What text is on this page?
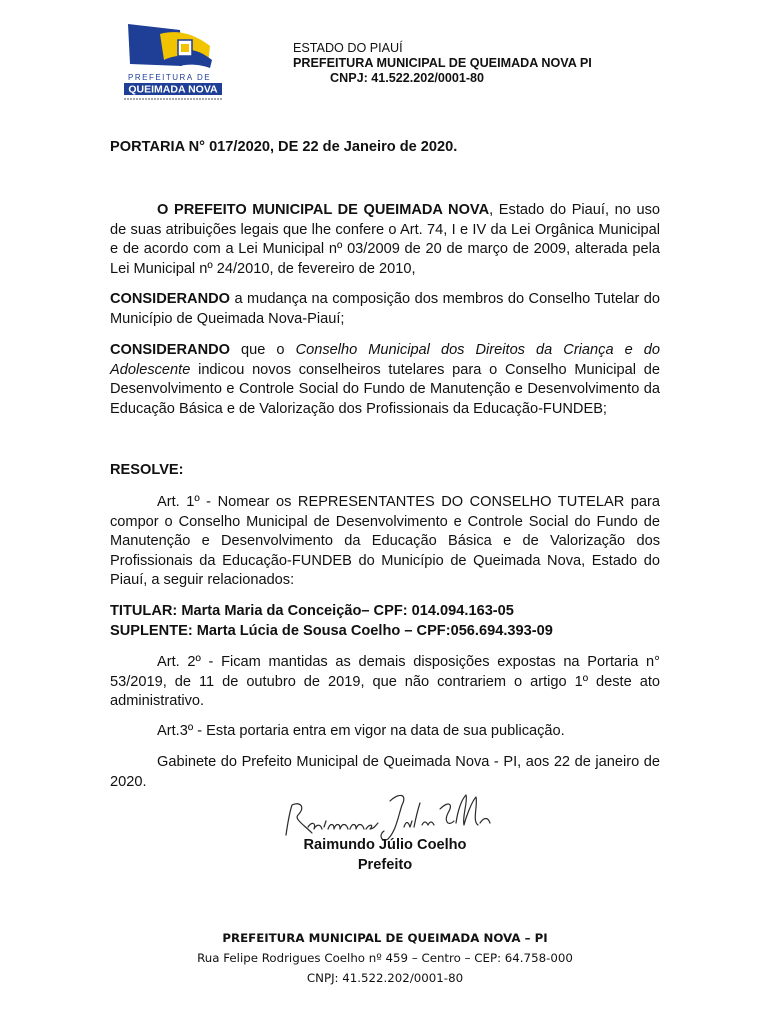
PREFEITURA DE
QUEIMADA NOVA
ESTADO DO PIAUÍ
PREFEITURA MUNICIPAL DE QUEIMADA NOVA PI
CNPJ: 41.522.202/0001-80

PORTARIA N° 017/2020, DE 22 de Janeiro de 2020.

O PREFEITO MUNICIPAL DE QUEIMADA NOVA, Estado do Piauí, no uso de suas atribuições legais que lhe confere o Art. 74, I e IV da Lei Orgânica Municipal e de acordo com a Lei Municipal nº 03/2009 de 20 de março de 2009, alterada pela Lei Municipal nº 24/2010, de fevereiro de 2010,

CONSIDERANDO a mudança na composição dos membros do Conselho Tutelar do Município de Queimada Nova-Piauí;

CONSIDERANDO que o Conselho Municipal dos Direitos da Criança e do Adolescente indicou novos conselheiros tutelares para o Conselho Municipal de Desenvolvimento e Controle Social do Fundo de Manutenção e Desenvolvimento da Educação Básica e de Valorização dos Profissionais da Educação-FUNDEB;

RESOLVE:

Art. 1º - Nomear os REPRESENTANTES DO CONSELHO TUTELAR para compor o Conselho Municipal de Desenvolvimento e Controle Social do Fundo de Manutenção e Desenvolvimento da Educação Básica e de Valorização dos Profissionais da Educação-FUNDEB do Município de Queimada Nova, Estado do Piauí, a seguir relacionados:

TITULAR: Marta Maria da Conceição– CPF: 014.094.163-05

SUPLENTE: Marta Lúcia de Sousa Coelho – CPF:056.694.393-09

Art. 2º - Ficam mantidas as demais disposições expostas na Portaria n° 53/2019, de 11 de outubro de 2019, que não contrariem o artigo 1º deste ato administrativo.

Art.3º - Esta portaria entra em vigor na data de sua publicação.

Gabinete do Prefeito Municipal de Queimada Nova - PI, aos 22 de janeiro de 2020.

Raimundo Júlio Coelho
Prefeito
PREFEITURA MUNICIPAL DE QUEIMADA NOVA – PI
Rua Felipe Rodrigues Coelho nº 459 – Centro – CEP: 64.758-000
CNPJ: 41.522.202/0001-80
